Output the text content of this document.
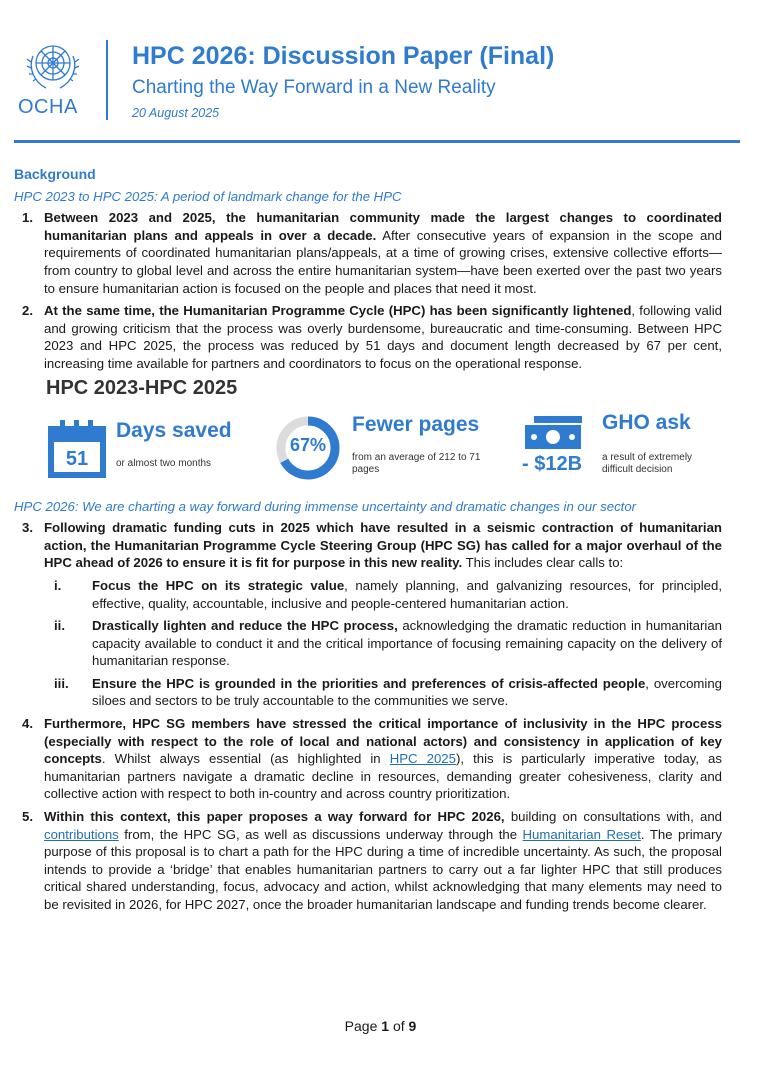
OCHA
HPC 2026: Discussion Paper (Final)
Charting the Way Forward in a New Reality
20 August 2025
Background
HPC 2023 to HPC 2025: A period of landmark change for the HPC
1. Between 2023 and 2025, the humanitarian community made the largest changes to coordinated humanitarian plans and appeals in over a decade. After consecutive years of expansion in the scope and requirements of coordinated humanitarian plans/appeals, at a time of growing crises, extensive collective efforts—from country to global level and across the entire humanitarian system—have been exerted over the past two years to ensure humanitarian action is focused on the people and places that need it most.
2. At the same time, the Humanitarian Programme Cycle (HPC) has been significantly lightened, following valid and growing criticism that the process was overly burdensome, bureaucratic and time-consuming. Between HPC 2023 and HPC 2025, the process was reduced by 51 days and document length decreased by 67 per cent, increasing time available for partners and coordinators to focus on the operational response.
HPC 2023-HPC 2025
51
Days saved
or almost two months
67%
Fewer pages
from an average of 212 to 71 pages	- $12B
GHO ask
a result of extremely difficult decision
HPC 2026: We are charting a way forward during immense uncertainty and dramatic changes in our sector
3. Following dramatic funding cuts in 2025 which have resulted in a seismic contraction of humanitarian action, the Humanitarian Programme Cycle Steering Group (HPC SG) has called for a major overhaul of the HPC ahead of 2026 to ensure it is fit for purpose in this new reality. This includes clear calls to:
i. Focus the HPC on its strategic value, namely planning, and galvanizing resources, for principled, effective, quality, accountable, inclusive and people-centered humanitarian action.
ii. Drastically lighten and reduce the HPC process, acknowledging the dramatic reduction in humanitarian capacity available to conduct it and the critical importance of focusing remaining capacity on the delivery of humanitarian response.
iii. Ensure the HPC is grounded in the priorities and preferences of crisis-affected people, overcoming siloes and sectors to be truly accountable to the communities we serve.
4. Furthermore, HPC SG members have stressed the critical importance of inclusivity in the HPC process (especially with respect to the role of local and national actors) and consistency in application of key concepts. Whilst always essential (as highlighted in HPC 2025), this is particularly imperative today, as humanitarian partners navigate a dramatic decline in resources, demanding greater cohesiveness, clarity and collective action with respect to both in-country and across country prioritization.
5. Within this context, this paper proposes a way forward for HPC 2026, building on consultations with, and contributions from, the HPC SG, as well as discussions underway through the Humanitarian Reset. The primary purpose of this proposal is to chart a path for the HPC during a time of incredible uncertainty. As such, the proposal intends to provide a ‘bridge’ that enables humanitarian partners to carry out a far lighter HPC that still produces critical shared understanding, focus, advocacy and action, whilst acknowledging that many elements may need to be revisited in 2026, for HPC 2027, once the broader humanitarian landscape and funding trends become clearer.
Page 1 of 9
